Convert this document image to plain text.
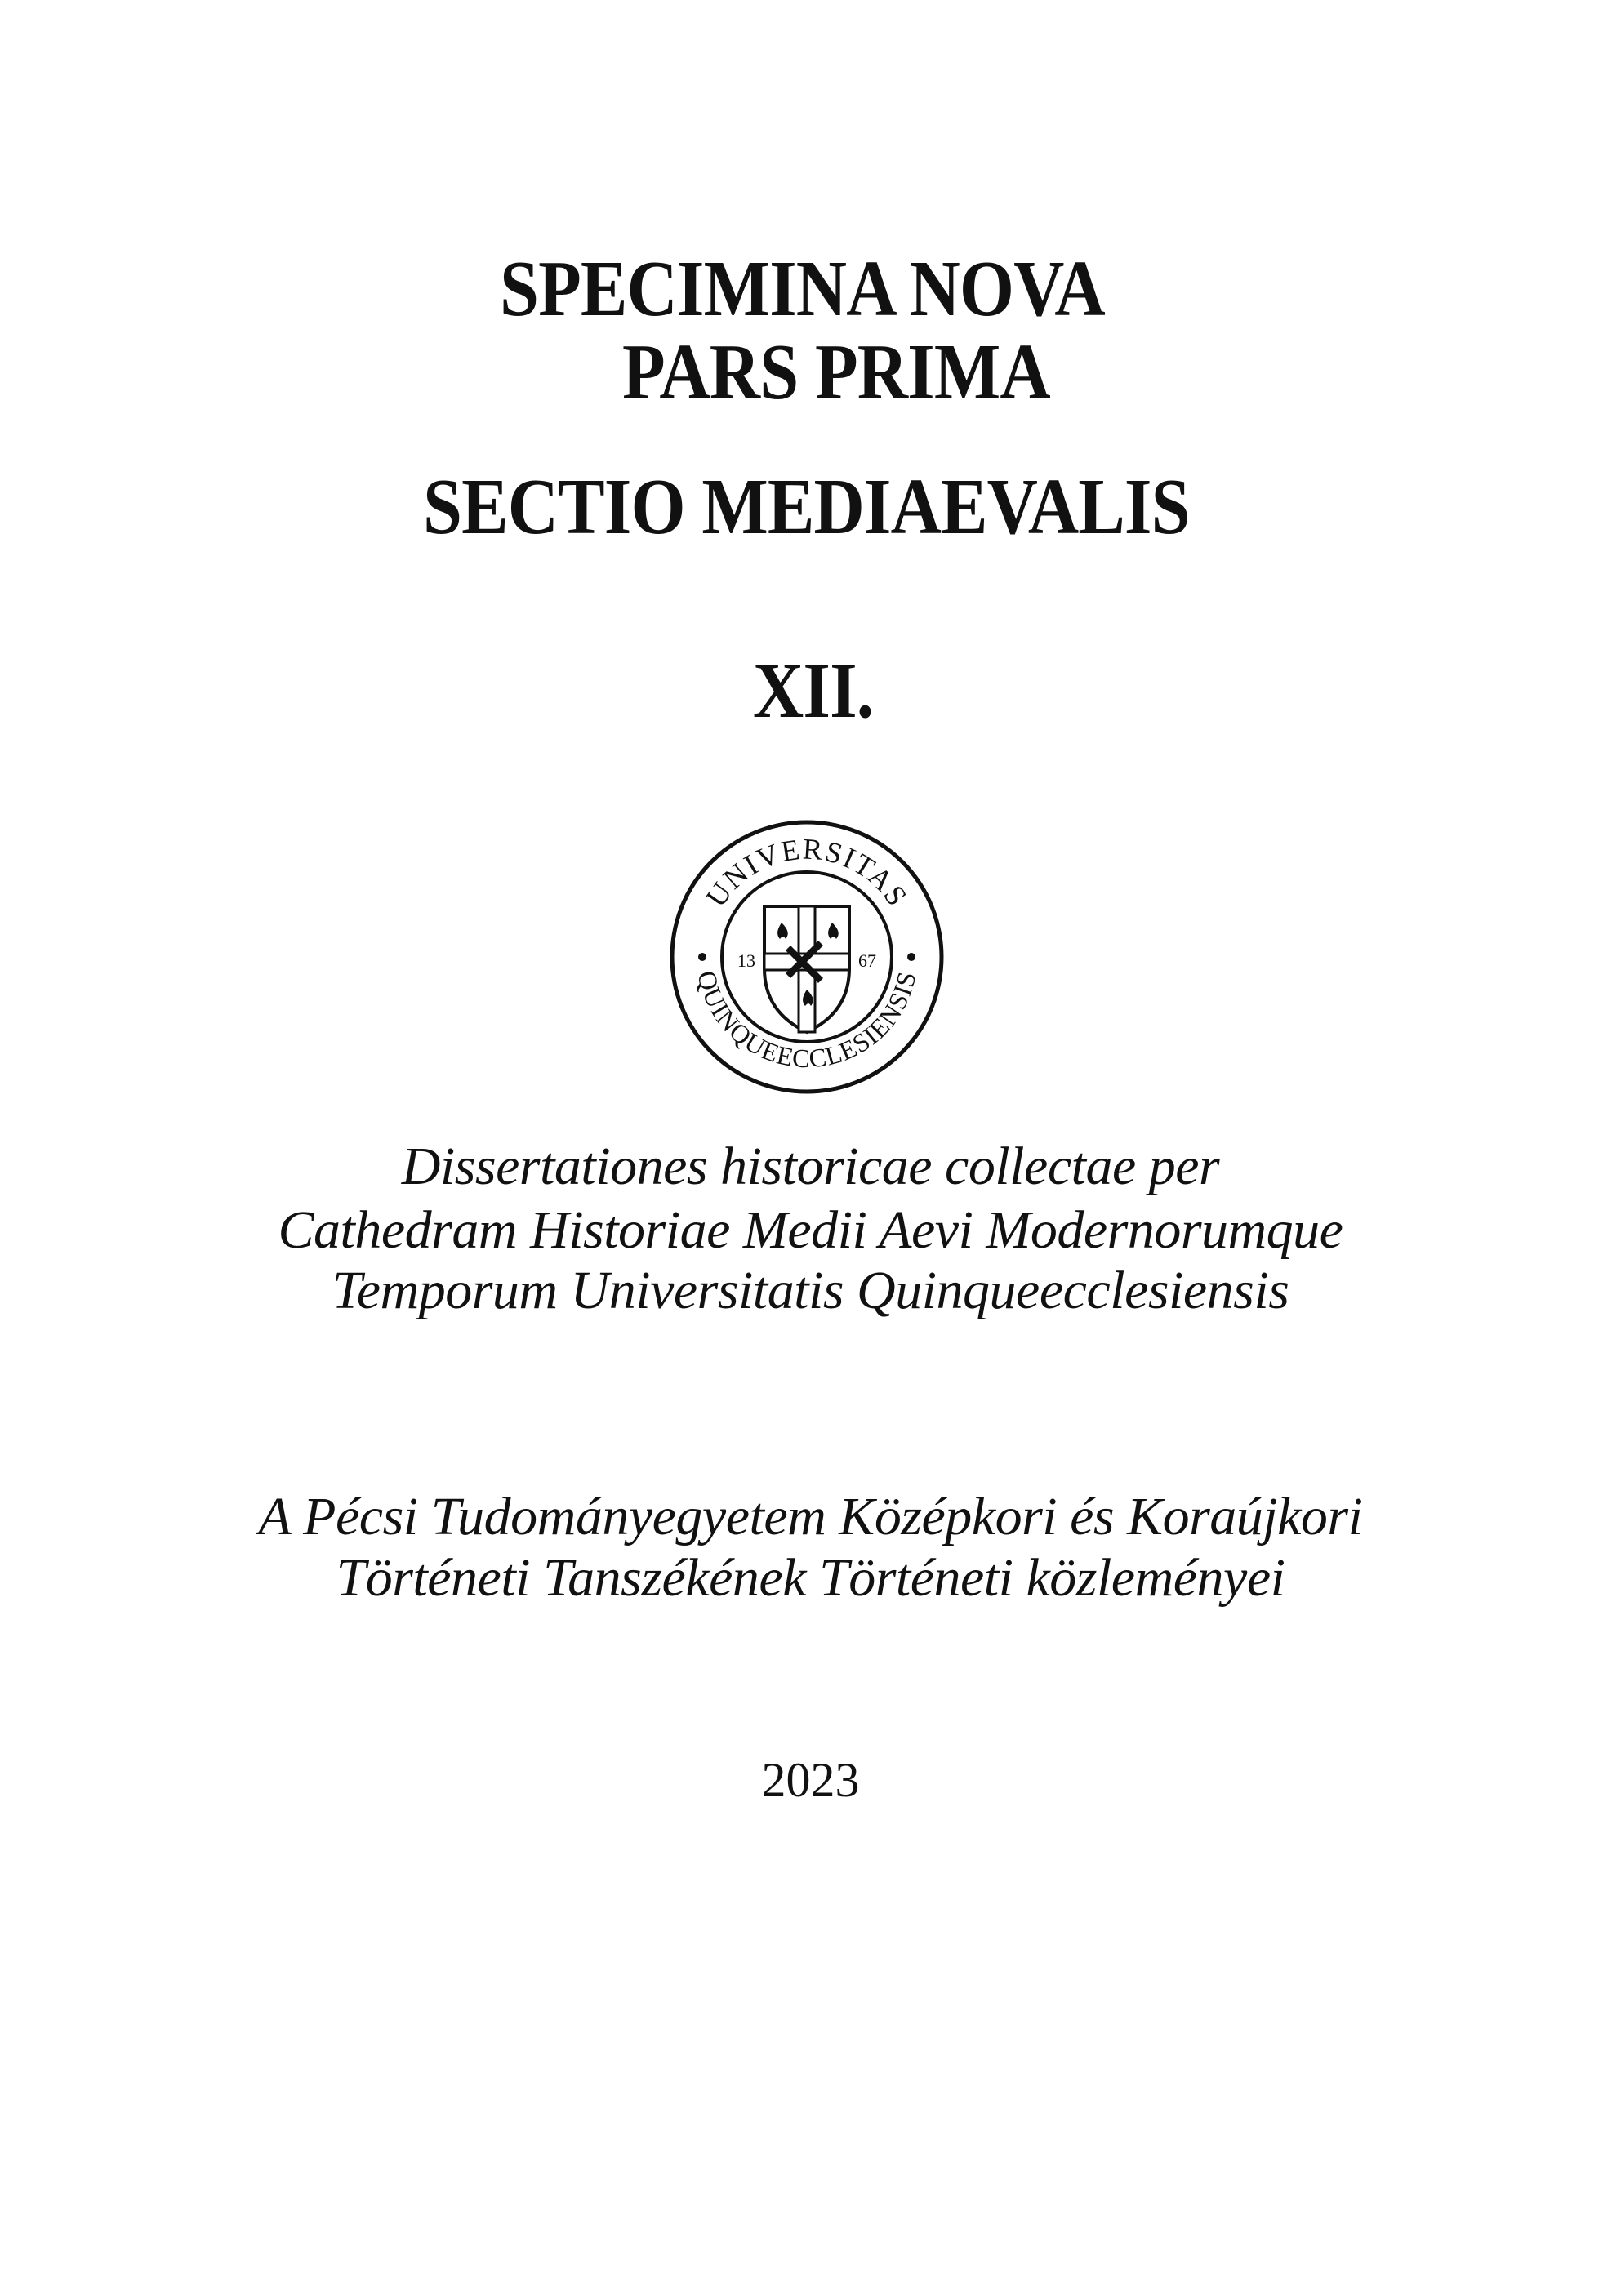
SPECIMINA NOVA
PARS PRIMA
SECTIO MEDIAEVALIS
XII.
UNIVERSITAS
QUINQUEECCLESIENSIS
13	67
Dissertationes historicae collectae per
Cathedram Historiae Medii Aevi Modernorumque
Temporum Universitatis Quinqueecclesiensis
A Pécsi Tudományegyetem Középkori és Koraújkori
Történeti Tanszékének Történeti közleményei
2023
